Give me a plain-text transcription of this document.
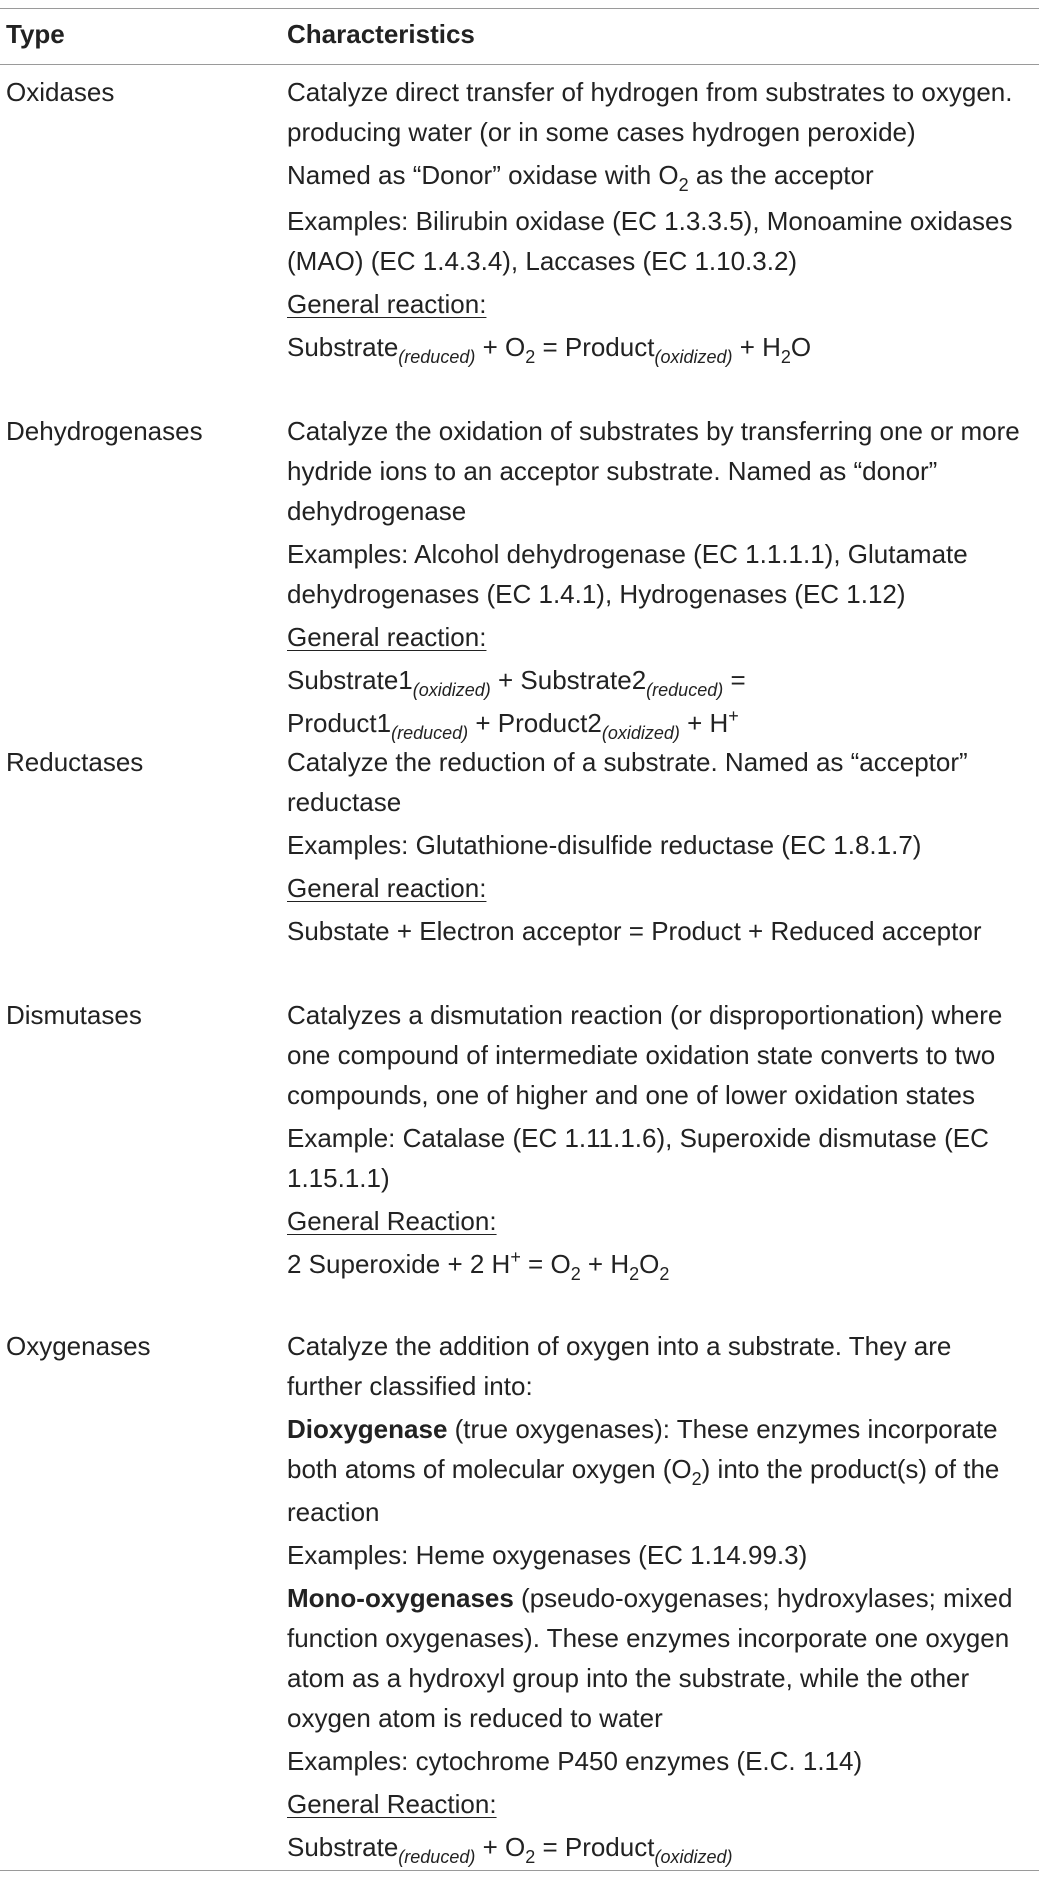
Type	Characteristics
Oxidases	Catalyze direct transfer of hydrogen from substrates to oxygen. producing water (or in some cases hydrogen peroxide)
Named as “Donor” oxidase with $O_2$ as the acceptor
Examples: Bilirubin oxidase (EC 1.3.3.5), Monoamine oxidases (MAO) (EC 1.4.3.4), Laccases (EC 1.10.3.2)
General reaction:
Substrate$_{(reduced)}$ + $O_2$ = Product$_{(oxidized)}$ + $H_2O$
Dehydrogenases	Catalyze the oxidation of substrates by transferring one or more hydride ions to an acceptor substrate. Named as “donor” dehydrogenase
Examples: Alcohol dehydrogenase (EC 1.1.1.1), Glutamate dehydrogenases (EC 1.4.1), Hydrogenases (EC 1.12)
General reaction:
$Substrate1_{(oxidized)}$ + $Substrate2_{(reduced)}$ =
$Product1_{(reduced)}$ + $Product2_{(oxidized)} + H^+$
Reductases	Catalyze the reduction of a substrate. Named as “acceptor” reductase
Examples: Glutathione-disulfide reductase (EC 1.8.1.7)
General reaction:
Substate + Electron acceptor = Product + Reduced acceptor
Dismutases	Catalyzes a dismutation reaction (or disproportionation) where one compound of intermediate oxidation state converts to two compounds, one of higher and one of lower oxidation states
Example: Catalase (EC 1.11.1.6), Superoxide dismutase (EC 1.15.1.1)
General Reaction:
2 Superoxide + 2 $H^+ = O_2 + H_2O_2$
Oxygenases	Catalyze the addition of oxygen into a substrate. They are further classified into:
Dioxygenase (true oxygenases): These enzymes incorporate both atoms of molecular oxygen $(O_2)$ into the product(s) of the reaction
Examples: Heme oxygenases (EC 1.14.99.3)
Mono-oxygenases (pseudo-oxygenases; hydroxylases; mixed function oxygenases). These enzymes incorporate one oxygen atom as a hydroxyl group into the substrate, while the other oxygen atom is reduced to water
Examples: cytochrome P450 enzymes (E.C. 1.14)
General Reaction:
Substrate$_{(reduced)}$ + $O_2$ = Product$_{(oxidized)}$
